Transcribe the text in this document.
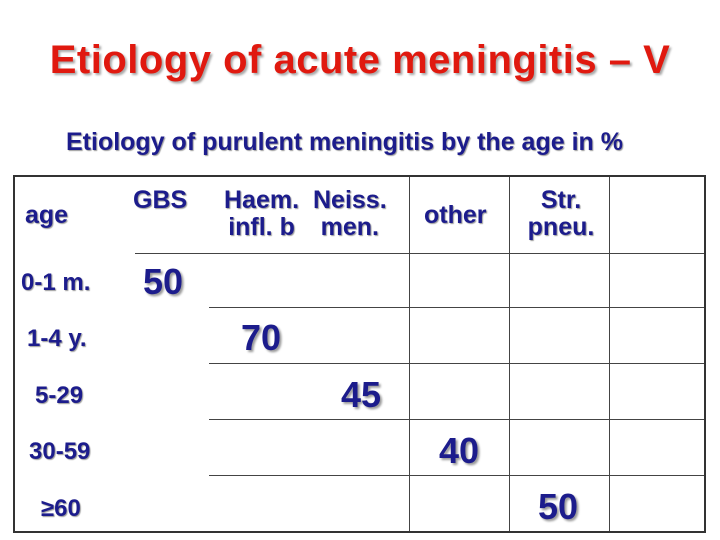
Etiology of acute meningitis – V
Etiology of purulent meningitis by the age in %
age
GBS Haem.
infl. b
Neiss.
men.	other
Str.
pneu.
0-1 m.
1-4 y.
5-29
30-59
≥60
50
70
45
40
50
